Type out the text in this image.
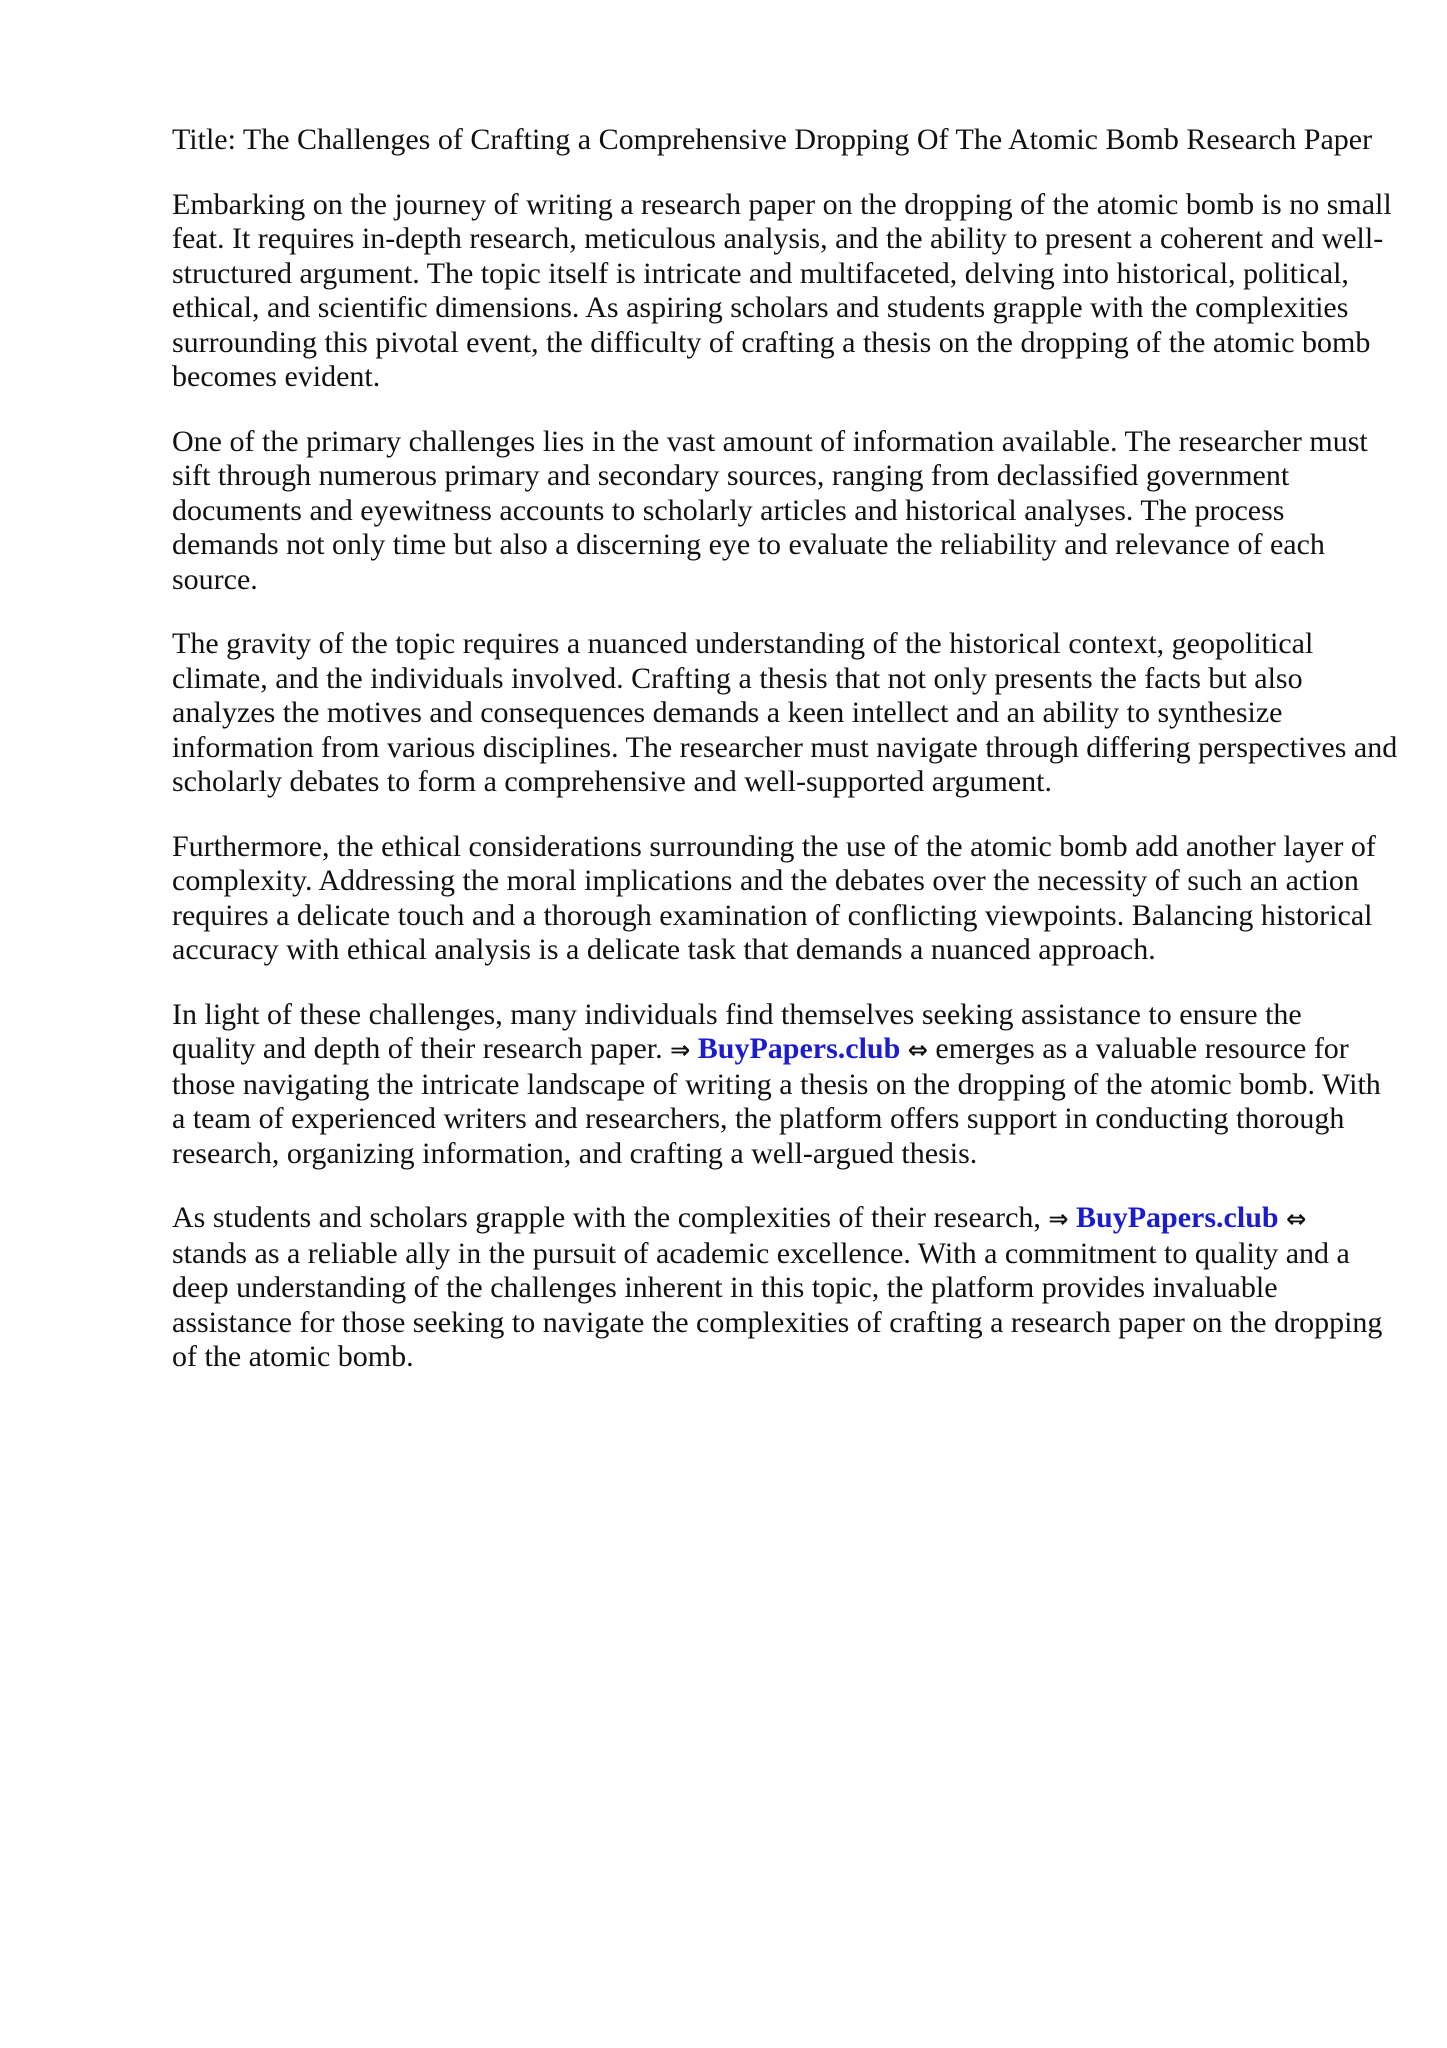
Title: The Challenges of Crafting a Comprehensive Dropping Of The Atomic Bomb Research Paper

Embarking on the journey of writing a research paper on the dropping of the atomic bomb is no small
feat. It requires in-depth research, meticulous analysis, and the ability to present a coherent and well-
structured argument. The topic itself is intricate and multifaceted, delving into historical, political,
ethical, and scientific dimensions. As aspiring scholars and students grapple with the complexities
surrounding this pivotal event, the difficulty of crafting a thesis on the dropping of the atomic bomb
becomes evident.

One of the primary challenges lies in the vast amount of information available. The researcher must
sift through numerous primary and secondary sources, ranging from declassified government
documents and eyewitness accounts to scholarly articles and historical analyses. The process
demands not only time but also a discerning eye to evaluate the reliability and relevance of each
source.

The gravity of the topic requires a nuanced understanding of the historical context, geopolitical
climate, and the individuals involved. Crafting a thesis that not only presents the facts but also
analyzes the motives and consequences demands a keen intellect and an ability to synthesize
information from various disciplines. The researcher must navigate through differing perspectives and
scholarly debates to form a comprehensive and well-supported argument.

Furthermore, the ethical considerations surrounding the use of the atomic bomb add another layer of
complexity. Addressing the moral implications and the debates over the necessity of such an action
requires a delicate touch and a thorough examination of conflicting viewpoints. Balancing historical
accuracy with ethical analysis is a delicate task that demands a nuanced approach.

In light of these challenges, many individuals find themselves seeking assistance to ensure the
quality and depth of their research paper. ⇒ BuyPapers.club ⇔ emerges as a valuable resource for
those navigating the intricate landscape of writing a thesis on the dropping of the atomic bomb. With
a team of experienced writers and researchers, the platform offers support in conducting thorough
research, organizing information, and crafting a well-argued thesis.

As students and scholars grapple with the complexities of their research, ⇒ BuyPapers.club ⇔
stands as a reliable ally in the pursuit of academic excellence. With a commitment to quality and a
deep understanding of the challenges inherent in this topic, the platform provides invaluable
assistance for those seeking to navigate the complexities of crafting a research paper on the dropping
of the atomic bomb.
